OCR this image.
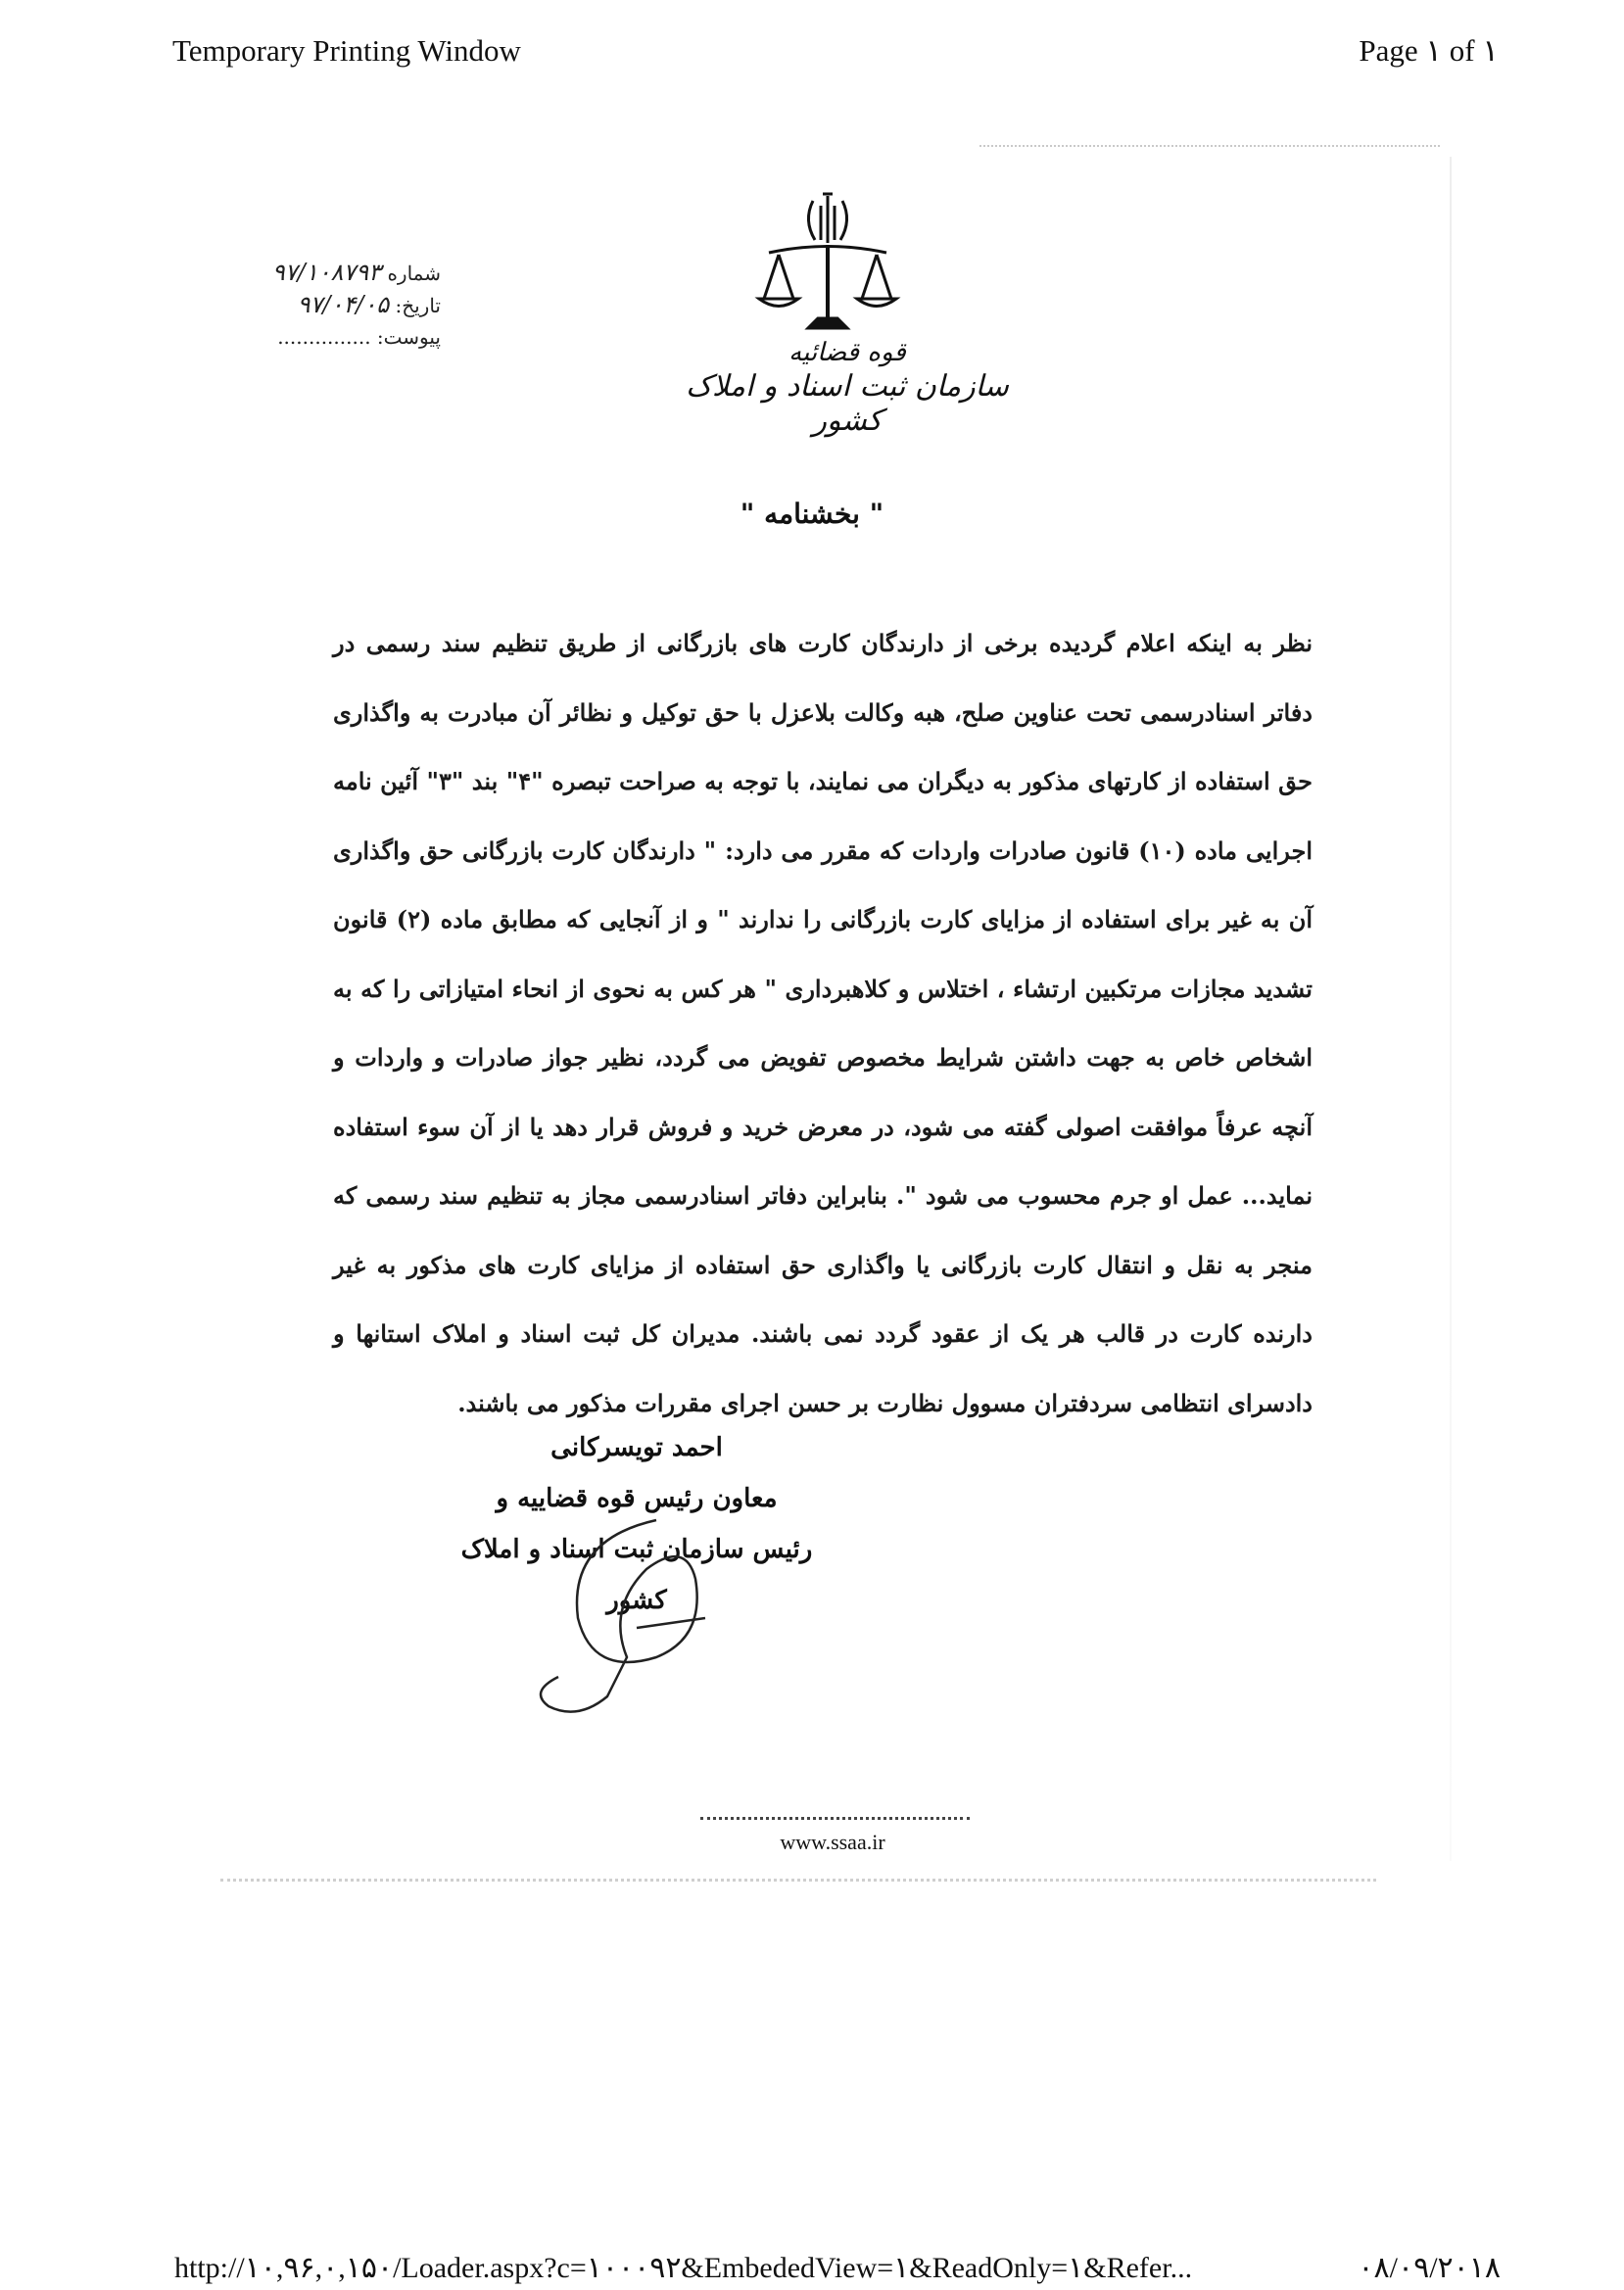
Temporary Printing Window	Page ۱ of ۱
قوه قضائیه
سازمان ثبت اسناد و املاک کشور
شماره ۹۷/۱۰۸۷۹۳
تاریخ: ۹۷/۰۴/۰۵
پیوست: ...............
" بخشنامه "

نظر به اینکه اعلام گردیده برخی از دارندگان کارت های بازرگانی از طریق تنظیم سند رسمی در دفاتر اسنادرسمی تحت عناوین صلح، هبه وکالت بلاعزل با حق توکیل و نظائر آن مبادرت به واگذاری حق استفاده از کارتهای مذکور به دیگران می نمایند، با توجه به صراحت تبصره "۴" بند "۳" آئین نامه اجرایی ماده (۱۰) قانون صادرات واردات که مقرر می دارد: " دارندگان کارت بازرگانی حق واگذاری آن به غیر برای استفاده از مزایای کارت بازرگانی را ندارند " و از آنجایی که مطابق ماده (۲) قانون تشدید مجازات مرتکبین ارتشاء ، اختلاس و کلاهبرداری " هر کس به نحوی از انحاء امتیازاتی را که به اشخاص خاص به جهت داشتن شرایط مخصوص تفویض می گردد، نظیر جواز صادرات و واردات و آنچه عرفاً موافقت اصولی گفته می شود، در معرض خرید و فروش قرار دهد یا از آن سوء استفاده نماید... عمل او جرم محسوب می شود ". بنابراین دفاتر اسنادرسمی مجاز به تنظیم سند رسمی که منجر به نقل و انتقال کارت بازرگانی یا واگذاری حق استفاده از مزایای کارت های مذکور به غیر دارنده کارت در قالب هر یک از عقود گردد نمی باشند. مدیران کل ثبت اسناد و املاک استانها و دادسرای انتظامی سردفتران مسوول نظارت بر حسن اجرای مقررات مذکور می باشند.

احمد تویسرکانی
معاون رئیس قوه قضاییه و
رئیس سازمان ثبت اسناد و املاک کشور
www.ssaa.ir
http://۱۰,۹۶,۰,۱۵۰/Loader.aspx?c=۱۰۰۰۹۲&EmbededView=۱&ReadOnly=۱&Refer...	۰۸/۰۹/۲۰۱۸
